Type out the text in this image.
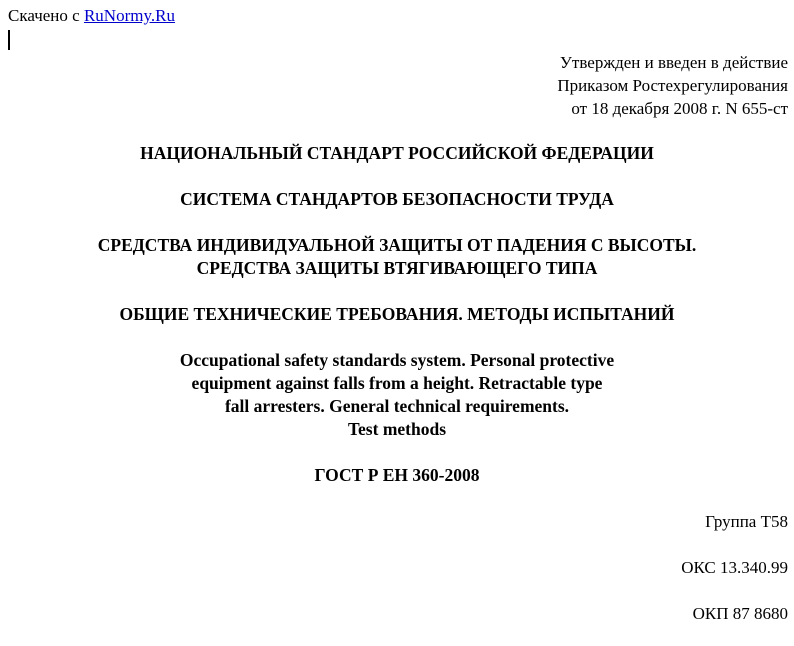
Скачено с RuNormy.Ru
Утвержден и введен в действие
Приказом Ростехрегулирования
от 18 декабря 2008 г. N 655-ст
НАЦИОНАЛЬНЫЙ СТАНДАРТ РОССИЙСКОЙ ФЕДЕРАЦИИ
СИСТЕМА СТАНДАРТОВ БЕЗОПАСНОСТИ ТРУДА
СРЕДСТВА ИНДИВИДУАЛЬНОЙ ЗАЩИТЫ ОТ ПАДЕНИЯ С ВЫСОТЫ.
СРЕДСТВА ЗАЩИТЫ ВТЯГИВАЮЩЕГО ТИПА
ОБЩИЕ ТЕХНИЧЕСКИЕ ТРЕБОВАНИЯ. МЕТОДЫ ИСПЫТАНИЙ
Occupational safety standards system. Personal protective
equipment against falls from a height. Retractable type
fall arresters. General technical requirements.
Test methods
ГОСТ Р ЕН 360-2008
Группа Т58
ОКС 13.340.99
ОКП 87 8680
